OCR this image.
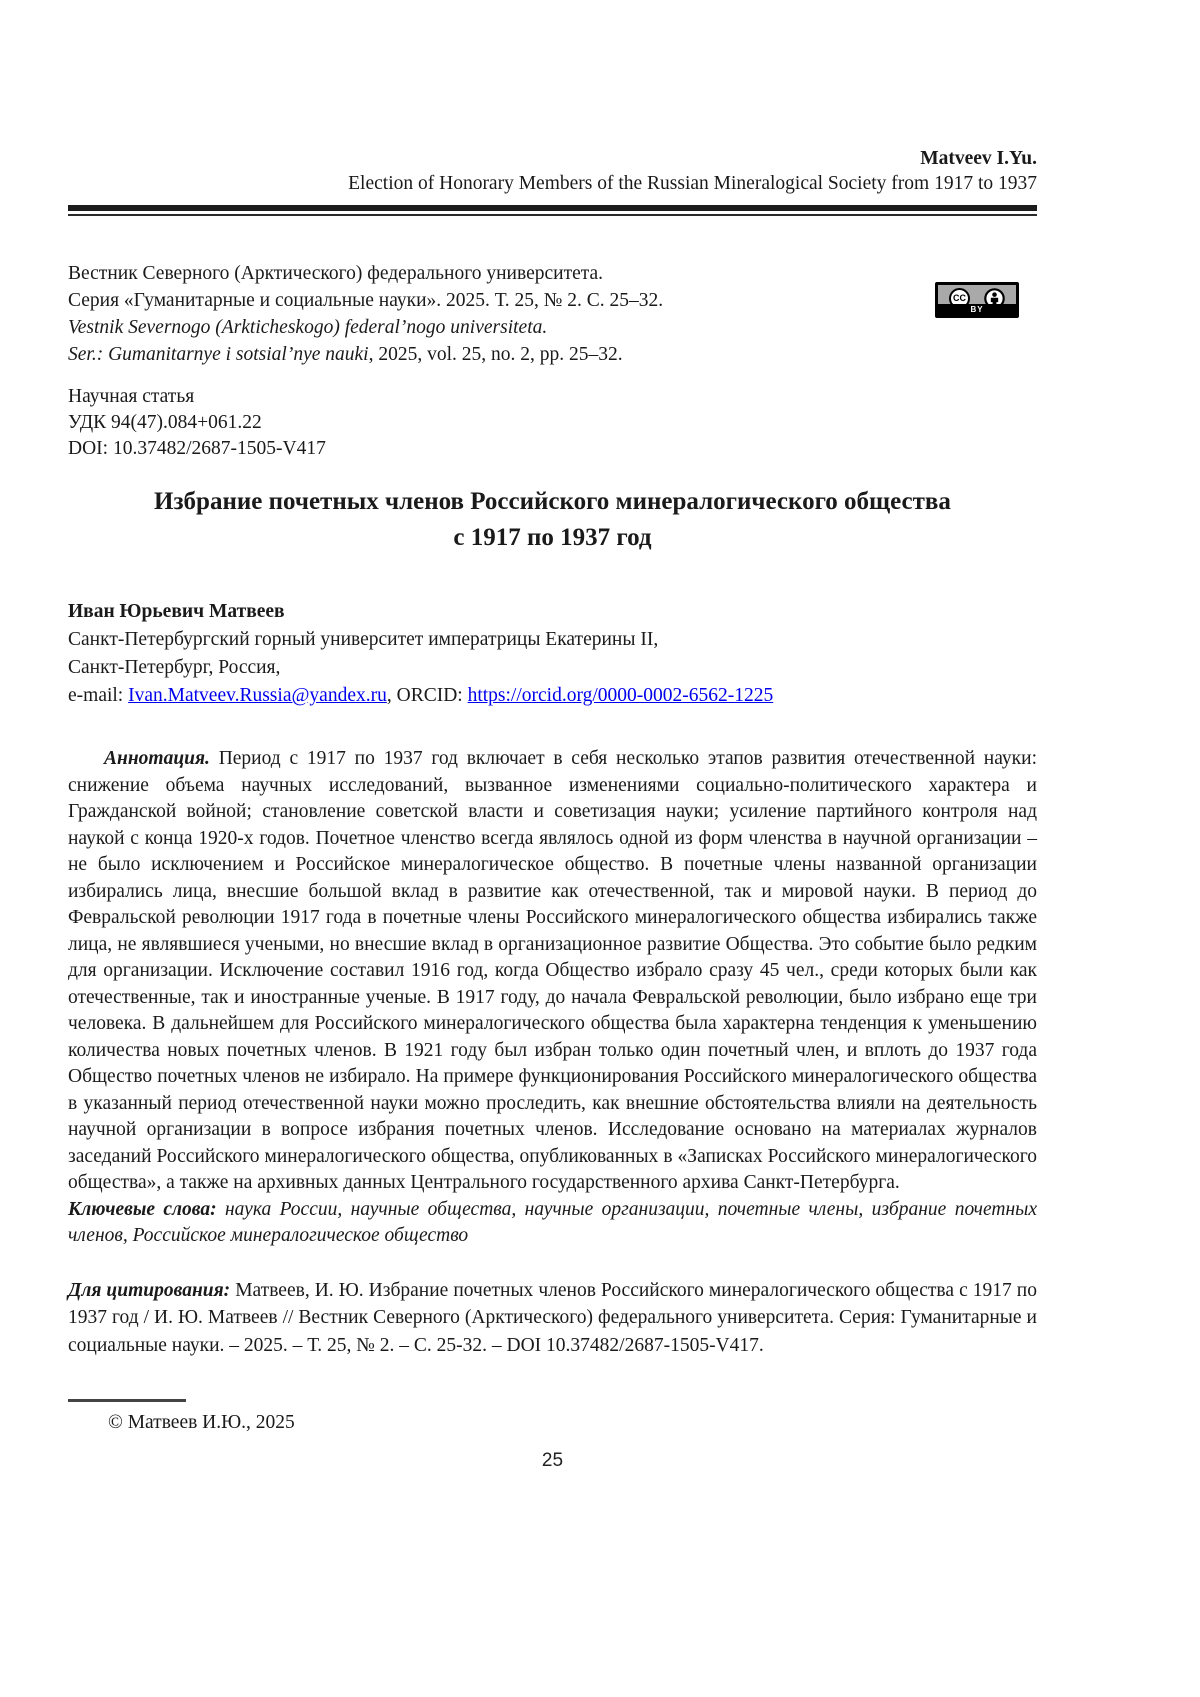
Matveev I.Yu.
Election of Honorary Members of the Russian Mineralogical Society from 1917 to 1937
Вестник Северного (Арктического) федерального университета.
Серия «Гуманитарные и социальные науки». 2025. Т. 25, № 2. С. 25–32.
Vestnik Severnogo (Arkticheskogo) federal’nogo universiteta.
Ser.: Gumanitarnye i sotsial’nye nauki, 2025, vol. 25, no. 2, pp. 25–32.
CC
BY
Научная статья
УДК 94(47).084+061.22
DOI: 10.37482/2687-1505-V417
Избрание почетных членов Российского минералогического общества
с 1917 по 1937 год
Иван Юрьевич Матвеев
Санкт-Петербургский горный университет императрицы Екатерины II,
Санкт-Петербург, Россия,
e-mail: Ivan.Matveev.Russia@yandex.ru, ORCID: https://orcid.org/0000-0002-6562-1225

Аннотация. Период с 1917 по 1937 год включает в себя несколько этапов развития отечественной науки: снижение объема научных исследований, вызванное изменениями социально-политического характера и Гражданской войной; становление советской власти и советизация науки; усиление партийного контроля над наукой с конца 1920-х годов. Почетное членство всегда являлось одной из форм членства в научной организации – не было исключением и Российское минералогическое общество. В почетные члены названной организации избирались лица, внесшие большой вклад в развитие как отечественной, так и мировой науки. В период до Февральской революции 1917 года в почетные члены Российского минералогического общества избирались также лица, не являвшиеся учеными, но внесшие вклад в организационное развитие Общества. Это событие было редким для организации. Исключение составил 1916 год, когда Общество избрало сразу 45 чел., среди которых были как отечественные, так и иностранные ученые. В 1917 году, до начала Февральской революции, было избрано еще три человека. В дальнейшем для Российского минералогического общества была характерна тенденция к уменьшению количества новых почетных членов. В 1921 году был избран только один почетный член, и вплоть до 1937 года Общество почетных членов не избирало. На примере функционирования Российского минералогического общества в указанный период отечественной науки можно проследить, как внешние обстоятельства влияли на деятельность научной организации в вопросе избрания почетных членов. Исследование основано на материалах журналов заседаний Российского минералогического общества, опубликованных в «Записках Российского минералогического общества», а также на архивных данных Центрального государственного архива Санкт-Петербурга.

Ключевые слова: наука России, научные общества, научные организации, почетные члены, избрание почетных членов, Российское минералогическое общество

Для цитирования: Матвеев, И. Ю. Избрание почетных членов Российского минералогического общества с 1917 по 1937 год / И. Ю. Матвеев // Вестник Северного (Арктического) федерального университета. Серия: Гуманитарные и социальные науки. – 2025. – Т. 25, № 2. – С. 25-32. – DOI 10.37482/2687-1505-V417.

© Матвеев И.Ю., 2025
25
